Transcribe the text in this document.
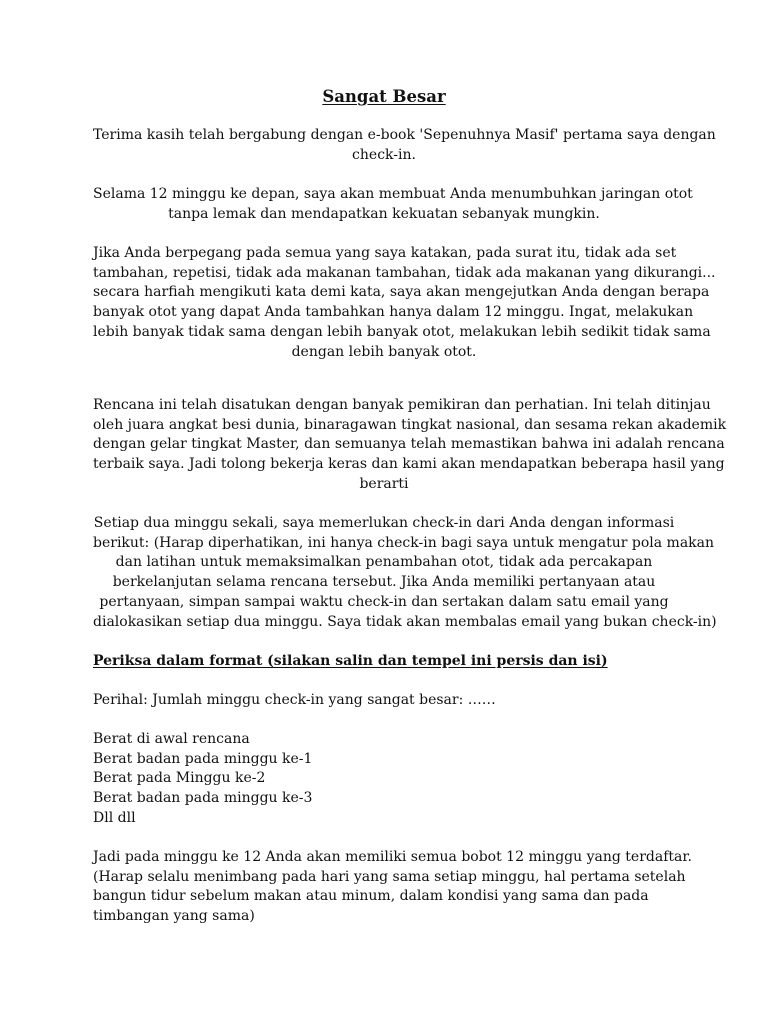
Sangat Besar
Terima kasih telah bergabung dengan e-book 'Sepenuhnya Masif' pertama saya dengan
check-in.
Selama 12 minggu ke depan, saya akan membuat Anda menumbuhkan jaringan otot
tanpa lemak dan mendapatkan kekuatan sebanyak mungkin.
Jika Anda berpegang pada semua yang saya katakan, pada surat itu, tidak ada set
tambahan, repetisi, tidak ada makanan tambahan, tidak ada makanan yang dikurangi...
secara harfiah mengikuti kata demi kata, saya akan mengejutkan Anda dengan berapa
banyak otot yang dapat Anda tambahkan hanya dalam 12 minggu. Ingat, melakukan
lebih banyak tidak sama dengan lebih banyak otot, melakukan lebih sedikit tidak sama
dengan lebih banyak otot.
Rencana ini telah disatukan dengan banyak pemikiran dan perhatian. Ini telah ditinjau
oleh juara angkat besi dunia, binaragawan tingkat nasional, dan sesama rekan akademik
dengan gelar tingkat Master, dan semuanya telah memastikan bahwa ini adalah rencana
terbaik saya. Jadi tolong bekerja keras dan kami akan mendapatkan beberapa hasil yang
berarti
Setiap dua minggu sekali, saya memerlukan check-in dari Anda dengan informasi
berikut: (Harap diperhatikan, ini hanya check-in bagi saya untuk mengatur pola makan
dan latihan untuk memaksimalkan penambahan otot, tidak ada percakapan
berkelanjutan selama rencana tersebut. Jika Anda memiliki pertanyaan atau
pertanyaan, simpan sampai waktu check-in dan sertakan dalam satu email yang
dialokasikan setiap dua minggu. Saya tidak akan membalas email yang bukan check-in)
Periksa dalam format (silakan salin dan tempel ini persis dan isi)
Perihal: Jumlah minggu check-in yang sangat besar: ……
Berat di awal rencana
Berat badan pada minggu ke-1
Berat pada Minggu ke-2
Berat badan pada minggu ke-3
Dll dll
Jadi pada minggu ke 12 Anda akan memiliki semua bobot 12 minggu yang terdaftar.
(Harap selalu menimbang pada hari yang sama setiap minggu, hal pertama setelah
bangun tidur sebelum makan atau minum, dalam kondisi yang sama dan pada
timbangan yang sama)
